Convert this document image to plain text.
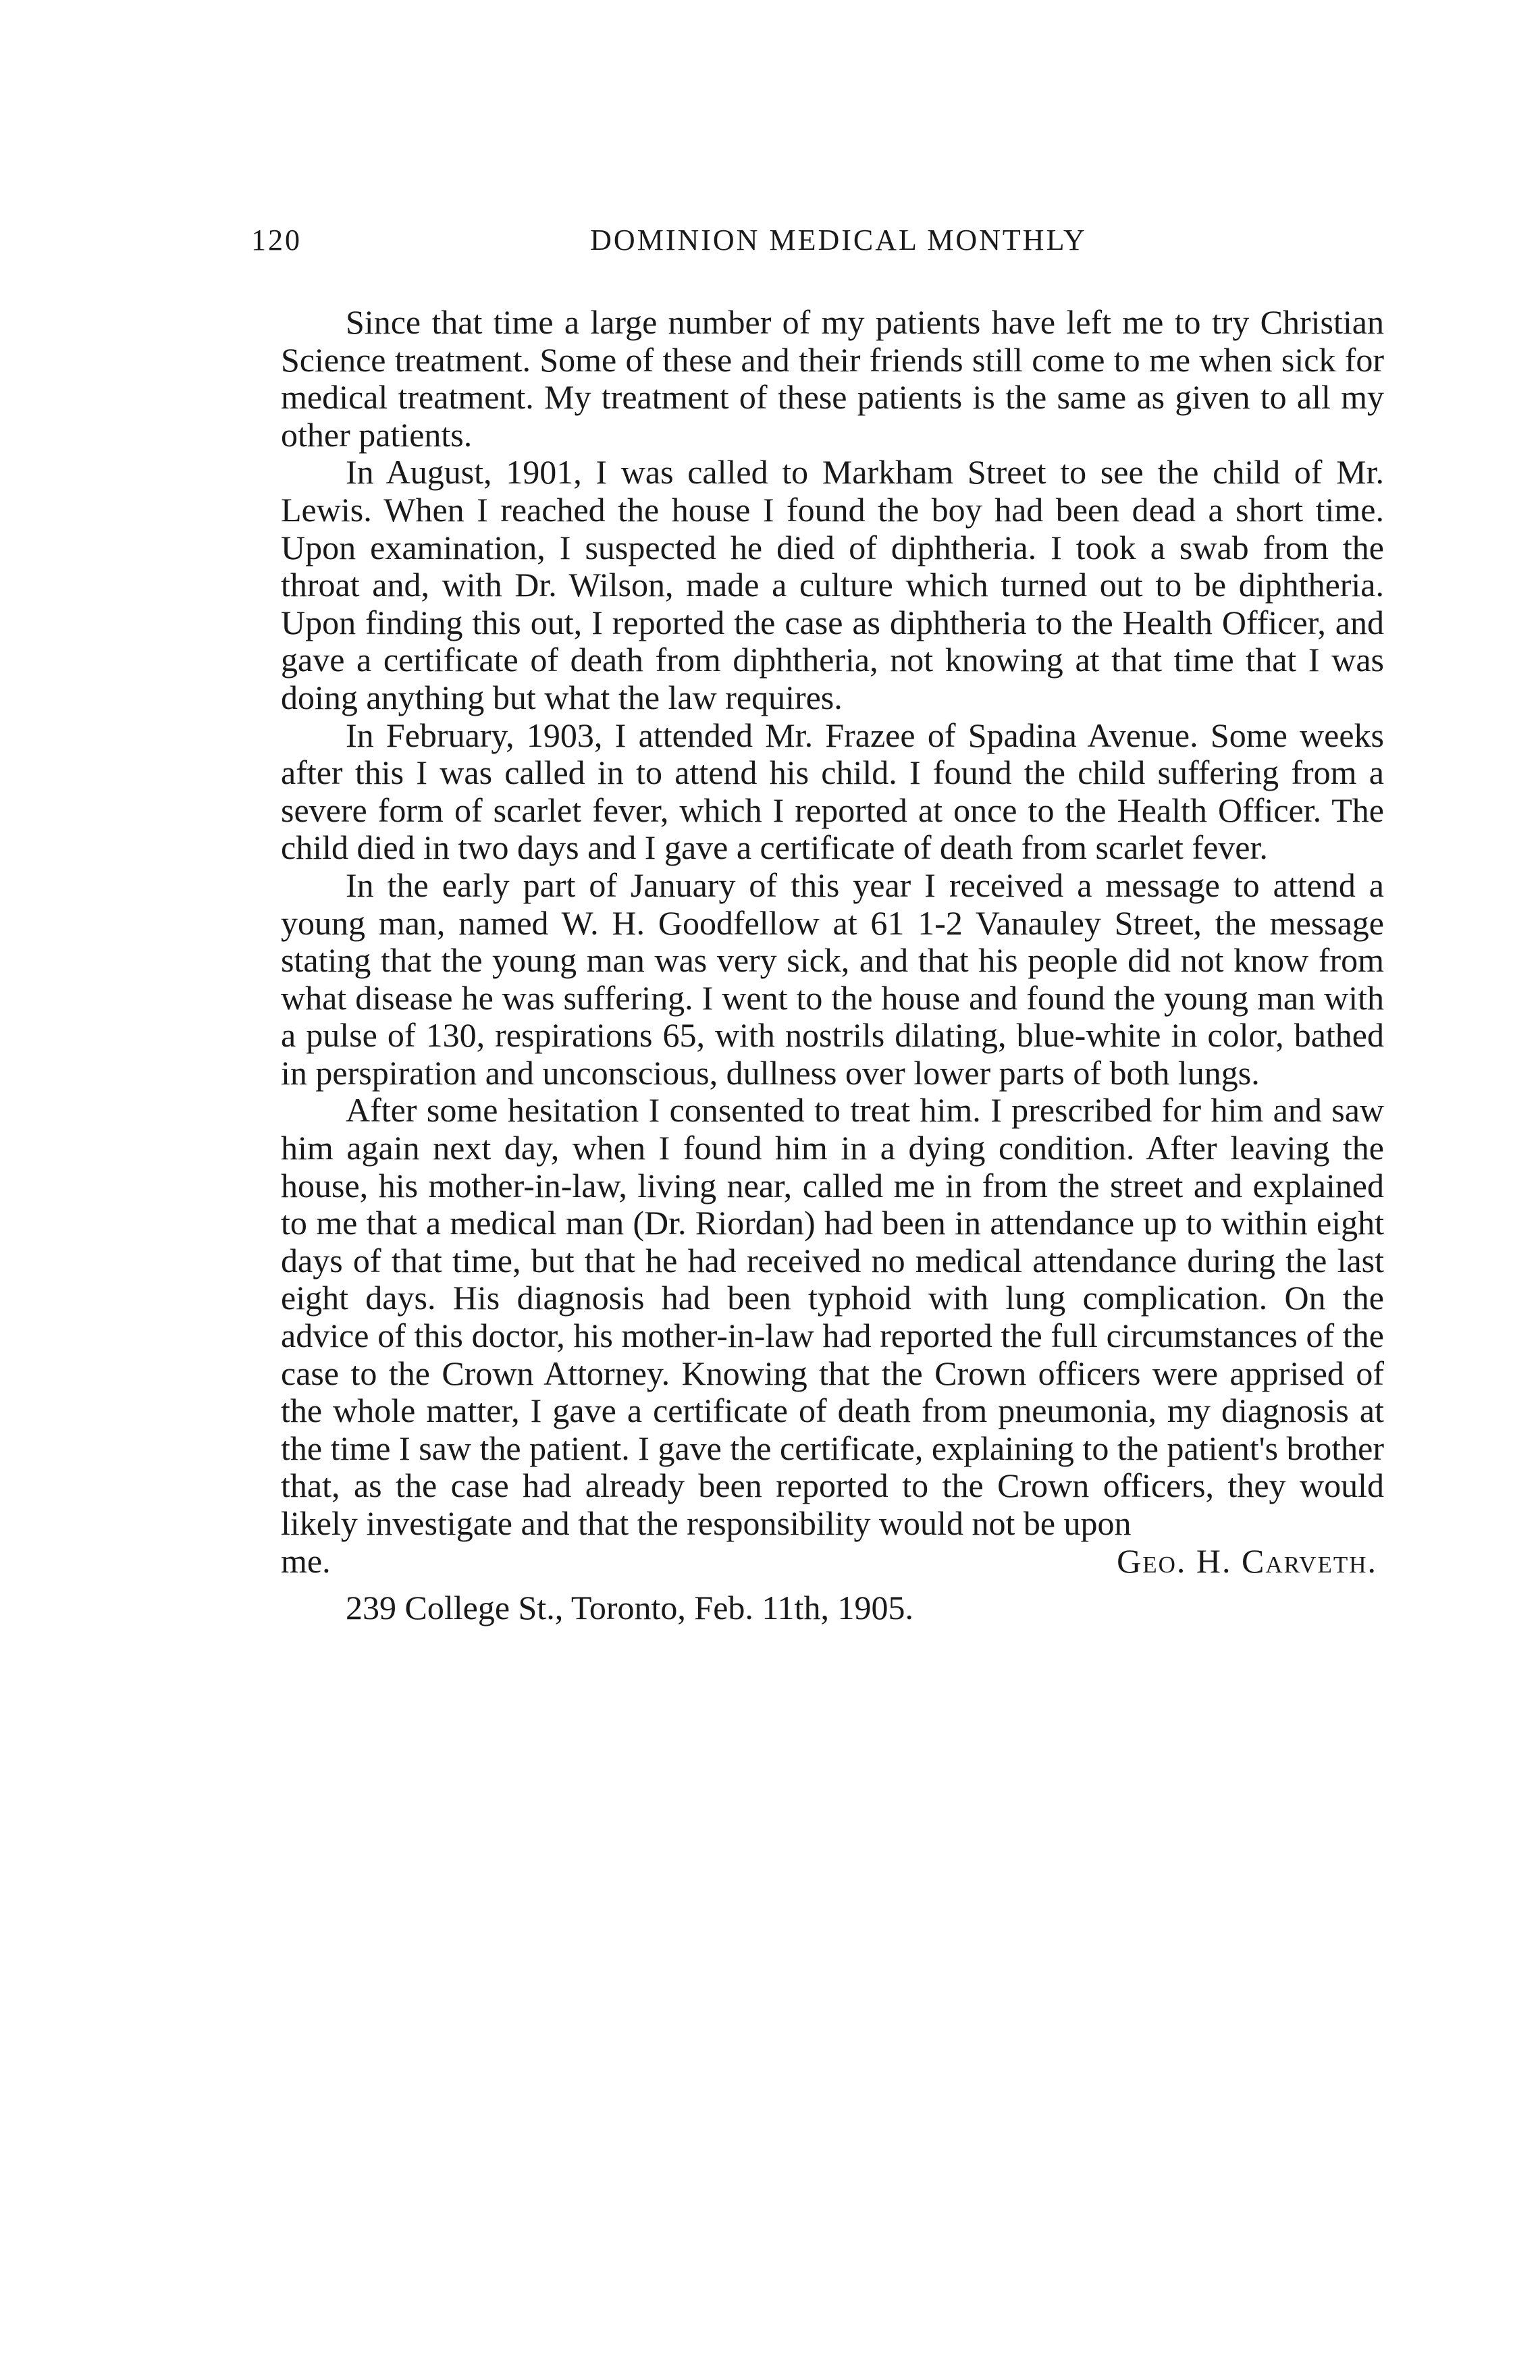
120	DOMINION MEDICAL MONTHLY

Since that time a large number of my patients have left me to try Christian Science treatment. Some of these and their friends still come to me when sick for medical treatment. My treatment of these patients is the same as given to all my other patients.

In August, 1901, I was called to Markham Street to see the child of Mr. Lewis. When I reached the house I found the boy had been dead a short time. Upon examination, I suspected he died of diphtheria. I took a swab from the throat and, with Dr. Wilson, made a culture which turned out to be diphtheria. Upon finding this out, I reported the case as diphtheria to the Health Officer, and gave a certificate of death from diphtheria, not knowing at that time that I was doing anything but what the law requires.

In February, 1903, I attended Mr. Frazee of Spadina Avenue. Some weeks after this I was called in to attend his child. I found the child suffering from a severe form of scarlet fever, which I reported at once to the Health Officer. The child died in two days and I gave a certificate of death from scarlet fever.

In the early part of January of this year I received a message to attend a young man, named W. H. Goodfellow at 61 1-2 Vanauley Street, the message stating that the young man was very sick, and that his people did not know from what disease he was suffering. I went to the house and found the young man with a pulse of 130, respirations 65, with nostrils dilating, blue-white in color, bathed in perspiration and unconscious, dullness over lower parts of both lungs.

After some hesitation I consented to treat him. I prescribed for him and saw him again next day, when I found him in a dying condition. After leaving the house, his mother-in-law, living near, called me in from the street and explained to me that a medical man (Dr. Riordan) had been in attendance up to within eight days of that time, but that he had received no medical attendance during the last eight days. His diagnosis had been typhoid with lung complication. On the advice of this doctor, his mother-in-law had reported the full circumstances of the case to the Crown Attorney. Knowing that the Crown officers were apprised of the whole matter, I gave a certificate of death from pneumonia, my diagnosis at the time I saw the patient. I gave the certificate, explaining to the patient's brother that, as the case had already been reported to the Crown officers, they would likely investigate and that the responsibility would not be upon

me.	Geo. H. Carveth.

239 College St., Toronto, Feb. 11th, 1905.
